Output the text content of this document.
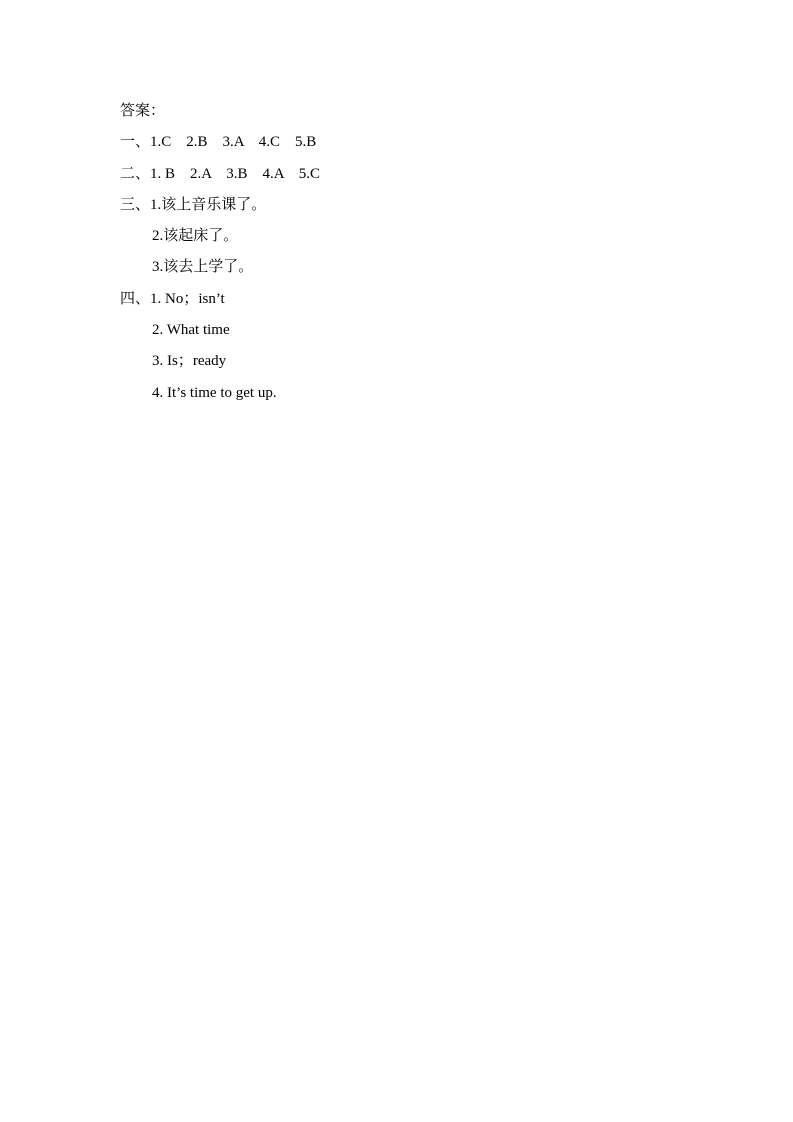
答案：
一、1.C　2.B　3.A　4.C　5.B
二、1. B　2.A　3.B　4.A　5.C
三、1.该上音乐课了。
2.该起床了。
3.该去上学了。
四、1. No；isn’t
2. What time
3. Is；ready
4. It’s time to get up.
